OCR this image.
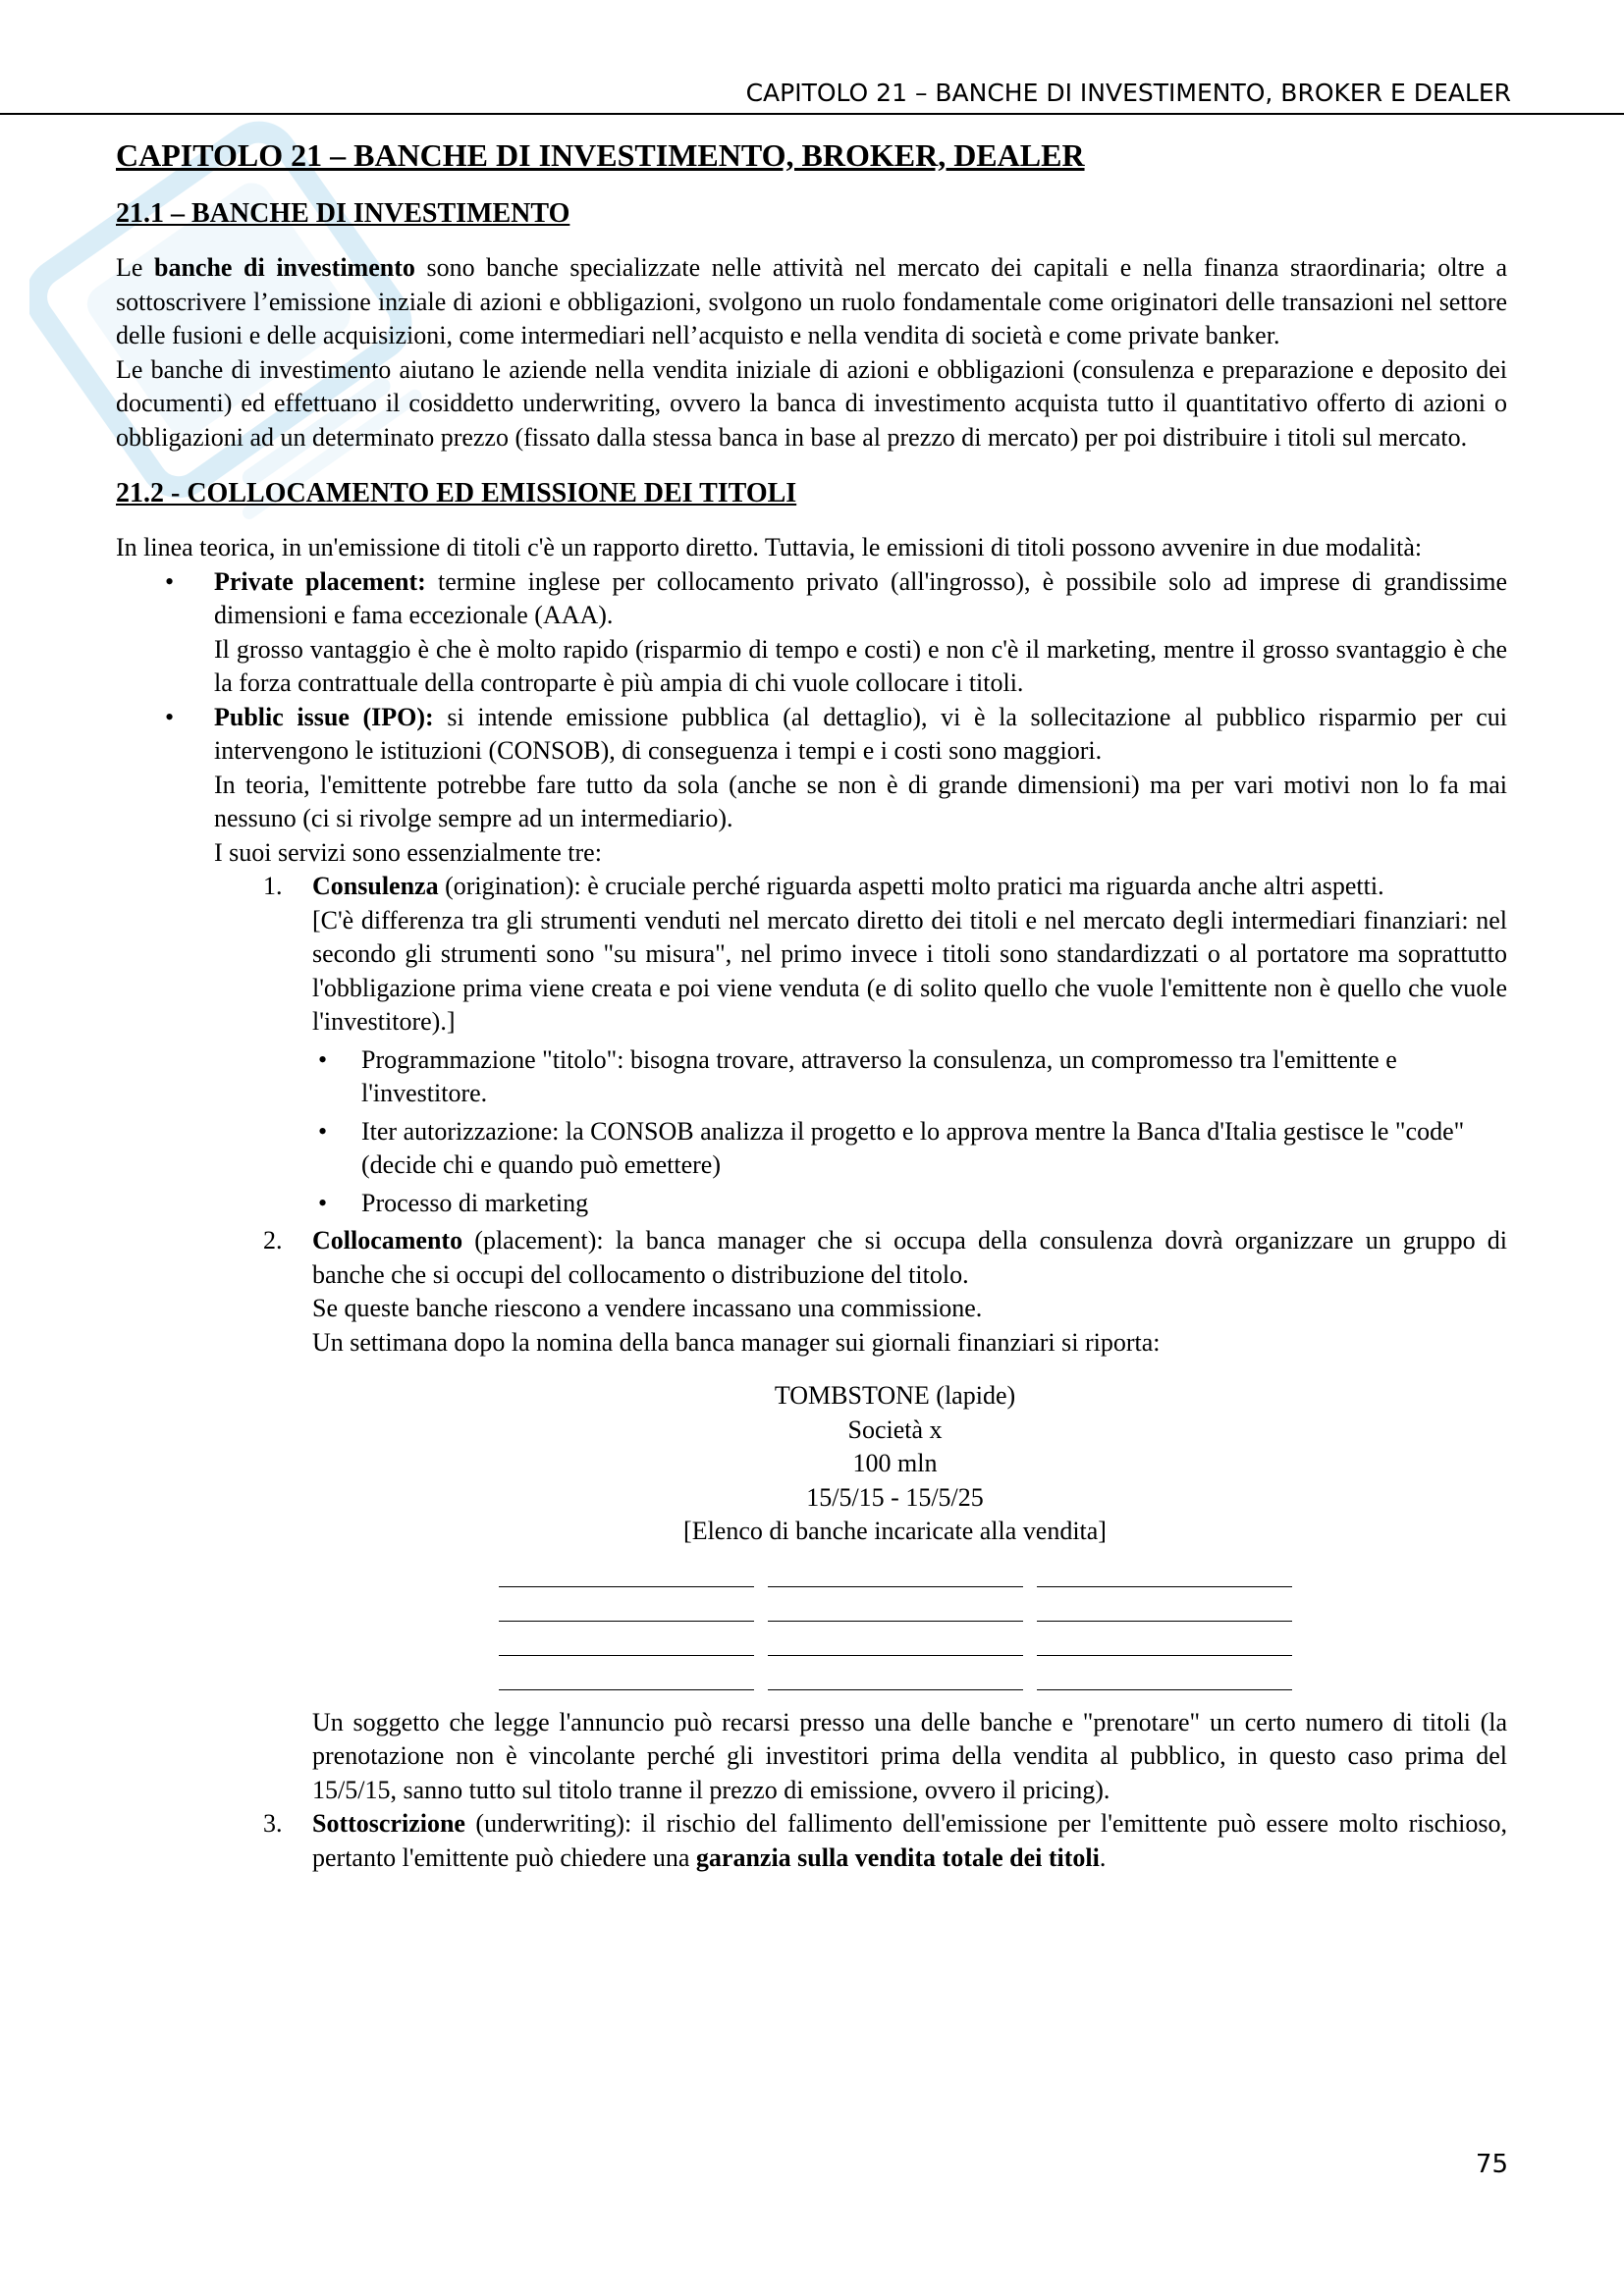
CAPITOLO 21 – BANCHE DI INVESTIMENTO, BROKER E DEALER
CAPITOLO 21 – BANCHE DI INVESTIMENTO, BROKER, DEALER
21.1 – BANCHE DI INVESTIMENTO

Le banche di investimento sono banche specializzate nelle attività nel mercato dei capitali e nella finanza straordinaria; oltre a sottoscrivere l’emissione inziale di azioni e obbligazioni, svolgono un ruolo fondamentale come originatori delle transazioni nel settore delle fusioni e delle acquisizioni, come intermediari nell’acquisto e nella vendita di società e come private banker.

Le banche di investimento aiutano le aziende nella vendita iniziale di azioni e obbligazioni (consulenza e preparazione e deposito dei documenti) ed effettuano il cosiddetto underwriting, ovvero la banca di investimento acquista tutto il quantitativo offerto di azioni o obbligazioni ad un determinato prezzo (fissato dalla stessa banca in base al prezzo di mercato) per poi distribuire i titoli sul mercato.

21.2 - COLLOCAMENTO ED EMISSIONE DEI TITOLI

In linea teorica, in un'emissione di titoli c'è un rapporto diretto. Tuttavia, le emissioni di titoli possono avvenire in due modalità:

• Private placement: termine inglese per collocamento privato (all'ingrosso), è possibile solo ad imprese di grandissime dimensioni e fama eccezionale (AAA).

Il grosso vantaggio è che è molto rapido (risparmio di tempo e costi) e non c'è il marketing, mentre il grosso svantaggio è che la forza contrattuale della controparte è più ampia di chi vuole collocare i titoli.

• Public issue (IPO): si intende emissione pubblica (al dettaglio), vi è la sollecitazione al pubblico risparmio per cui intervengono le istituzioni (CONSOB), di conseguenza i tempi e i costi sono maggiori.

In teoria, l'emittente potrebbe fare tutto da sola (anche se non è di grande dimensioni) ma per vari motivi non lo fa mai nessuno (ci si rivolge sempre ad un intermediario).

I suoi servizi sono essenzialmente tre:

1. Consulenza (origination): è cruciale perché riguarda aspetti molto pratici ma riguarda anche altri aspetti.

[C'è differenza tra gli strumenti venduti nel mercato diretto dei titoli e nel mercato degli intermediari finanziari: nel secondo gli strumenti sono "su misura", nel primo invece i titoli sono standardizzati o al portatore ma soprattutto l'obbligazione prima viene creata e poi viene venduta (e di solito quello che vuole l'emittente non è quello che vuole l'investitore).]

• Programmazione "titolo": bisogna trovare, attraverso la consulenza, un compromesso tra l'emittente e l'investitore.
• Iter autorizzazione: la CONSOB analizza il progetto e lo approva mentre la Banca d'Italia gestisce le "code" (decide chi e quando può emettere)
• Processo di marketing
2. Collocamento (placement): la banca manager che si occupa della consulenza dovrà organizzare un gruppo di banche che si occupi del collocamento o distribuzione del titolo.

Se queste banche riescono a vendere incassano una commissione.

Un settimana dopo la nomina della banca manager sui giornali finanziari si riporta:

TOMBSTONE (lapide)
Società x
100 mln
15/5/15 - 15/5/25
[Elenco di banche incaricate alla vendita]

Un soggetto che legge l'annuncio può recarsi presso una delle banche e "prenotare" un certo numero di titoli (la prenotazione non è vincolante perché gli investitori prima della vendita al pubblico, in questo caso prima del 15/5/15, sanno tutto sul titolo tranne il prezzo di emissione, ovvero il pricing).

3. Sottoscrizione (underwriting): il rischio del fallimento dell'emissione per l'emittente può essere molto rischioso, pertanto l'emittente può chiedere una garanzia sulla vendita totale dei titoli.

75
